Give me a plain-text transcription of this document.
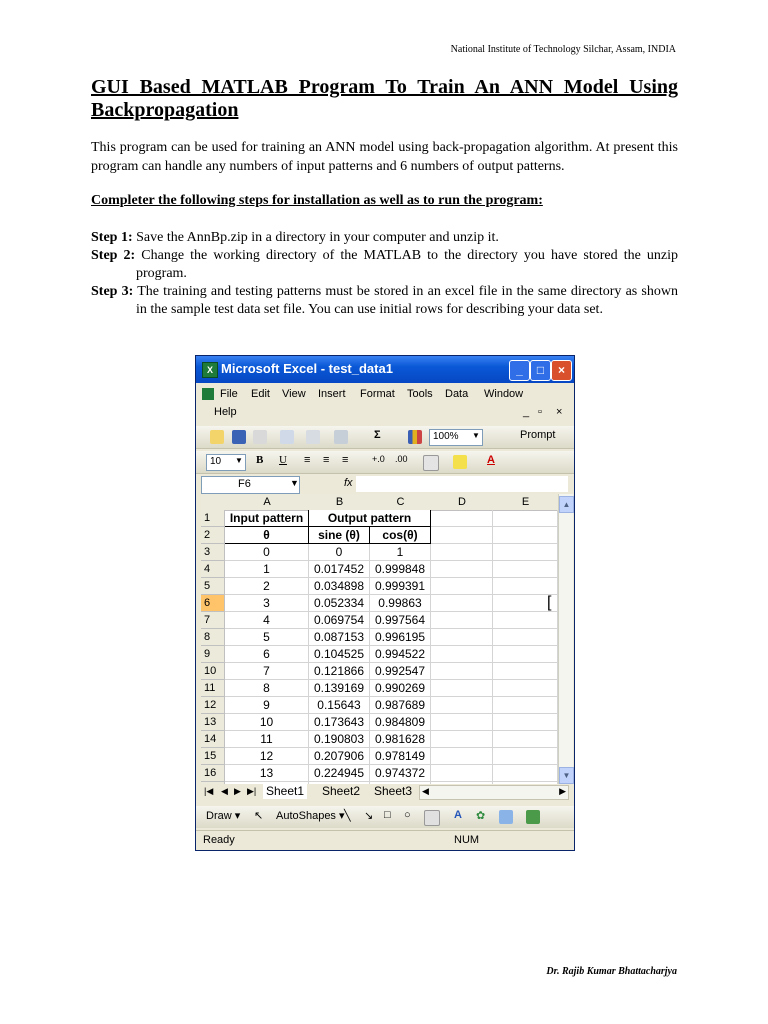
National Institute of Technology Silchar, Assam, INDIA
GUI Based MATLAB Program To Train An ANN Model Using Backpropagation
This program can be used for training an ANN model using back-propagation algorithm. At present this program can handle any numbers of input patterns and 6 numbers of output patterns.
Completer the following steps for installation as well as to run the program:

Step 1: Save the AnnBp.zip in a directory in your computer and unzip it.

Step 2: Change the working directory of the MATLAB to the directory you have stored the unzip program.

Step 3: The training and testing patterns must be stored in an excel file in the same directory as shown in the sample test data set file. You can use initial rows for describing your data set.

X Microsoft Excel - test_data1	_	□	×
File Edit View Insert Format Tools Data Window
Help	_ ▫ ×
Σ	100% ▼	Prompt
10 ▼ B U ≡ ≡ ≡	+.0 .00	A
F6	▼	fx
A	B	C	D	E
1	Input pattern	Output pattern
2	θ	sine (θ)	cos(θ)
3	0	0	1
4	1	0.017452 0.999848
5	2	0.034898 0.999391
6	3	0.052334	0.99863
7	4	0.069754 0.997564
8	5	0.087153 0.996195
9	6	0.104525 0.994522
10	7	0.121866 0.992547
11	8	0.139169 0.990269
12	9	0.15643	0.987689
13	10	0.173643 0.984809
14	11	0.190803 0.981628
15	12	0.207906 0.978149
16	13	0.224945 0.974372
[
▲
▼
|◀ ◀ ▶ ▶| Sheet1 Sheet2 Sheet3	◀	▶
Draw ▾ ↖ AutoShapes ▾ ╲ ↘ □ ○	A ✿
Ready	NUM
Dr. Rajib Kumar Bhattacharjya
